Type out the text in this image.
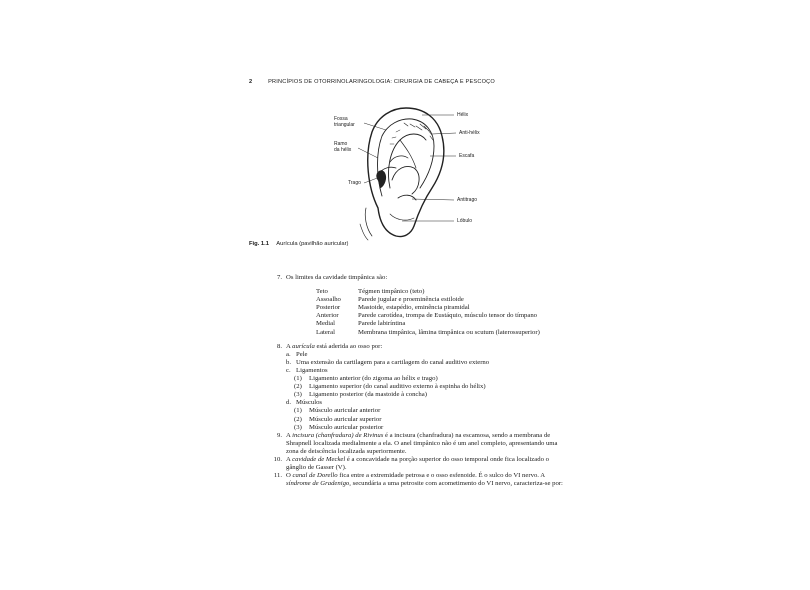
2	PRINCÍPIOS DE OTORRINOLARINGOLOGIA: CIRURGIA DE CABEÇA E PESCOÇO
Fossa
triangular
Ramo
da hélix
Trago
Hélix
Anti-hélix
Escafa
Antitrago
Lóbulo
Fig. 1.1 Aurícula (pavilhão auricular)
7. Os limites da cavidade timpânica são:
Teto	Tégmen timpânico (teto)
Assoalho	Parede jugular e proeminência estiloide
Posterior	Mastoide, estapédio, eminência piramidal
Anterior	Parede carotídea, trompa de Eustáquio, músculo tensor do tímpano
Medial	Parede labiríntina
Lateral	Membrana timpânica, lâmina timpânica ou scutum (laterossuperior)
8. A aurícula está aderida ao osso por:
a. Pele
b. Uma extensão da cartilagem para a cartilagem do canal auditivo externo
c. Ligamentos
(1) Ligamento anterior (do zigoma ao hélix e trago)
(2) Ligamento superior (do canal auditivo externo à espinha do hélix)
(3) Ligamento posterior (da mastoide à concha)
d. Músculos
(1) Músculo auricular anterior
(2) Músculo auricular superior
(3) Músculo auricular posterior
9. A incisura (chanfradura) de Rivinus é a incisura (chanfradura) na escamosa, sendo a membrana de Shrapnell localizada medialmente a ela. O anel timpânico não é um anel completo, apresentando uma zona de deiscência localizada superiormente.
10. A cavidade de Meckel é a concavidade na porção superior do osso temporal onde fica localizado o gânglio de Gasser (V).
11. O canal de Dorello fica entre a extremidade petrosa e o osso esfenoide. É o sulco do VI nervo. A síndrome de Gradenigo, secundária a uma petrosite com acometimento do VI nervo, caracteriza-se por:
